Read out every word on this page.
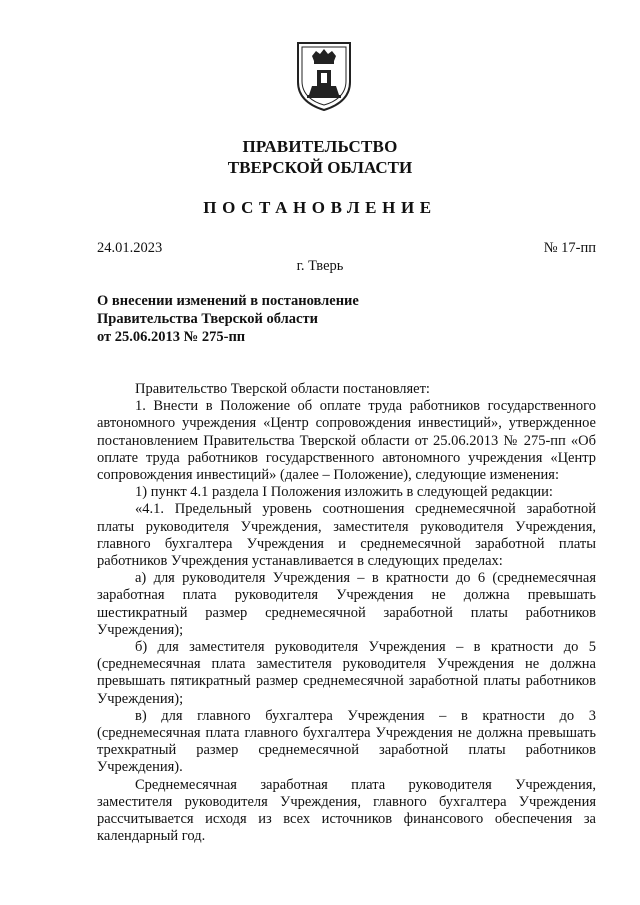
ПРАВИТЕЛЬСТВО
ТВЕРСКОЙ ОБЛАСТИ
ПОСТАНОВЛЕНИЕ
24.01.2023	№ 17-пп
г. Тверь
О внесении изменений в постановление
Правительства Тверской области
от 25.06.2013 № 275-пп

Правительство Тверской области постановляет:

1. Внести в Положение об оплате труда работников государственного автономного учреждения «Центр сопровождения инвестиций», утвержденное постановлением Правительства Тверской области от 25.06.2013 № 275-пп «Об оплате труда работников государственного автономного учреждения «Центр сопровождения инвестиций» (далее – Положение), следующие изменения:

1) пункт 4.1 раздела I Положения изложить в следующей редакции:

«4.1. Предельный уровень соотношения среднемесячной заработной платы руководителя Учреждения, заместителя руководителя Учреждения, главного бухгалтера Учреждения и среднемесячной заработной платы работников Учреждения устанавливается в следующих пределах:

а) для руководителя Учреждения – в кратности до 6 (среднемесячная заработная плата руководителя Учреждения не должна превышать шестикратный размер среднемесячной заработной платы работников Учреждения);

б) для заместителя руководителя Учреждения – в кратности до 5 (среднемесячная плата заместителя руководителя Учреждения не должна превышать пятикратный размер среднемесячной заработной платы работников Учреждения);

в) для главного бухгалтера Учреждения – в кратности до 3 (среднемесячная плата главного бухгалтера Учреждения не должна превышать трехкратный размер среднемесячной заработной платы работников Учреждения).

Среднемесячная заработная плата руководителя Учреждения, заместителя руководителя Учреждения, главного бухгалтера Учреждения рассчитывается исходя из всех источников финансового обеспечения за календарный год.
